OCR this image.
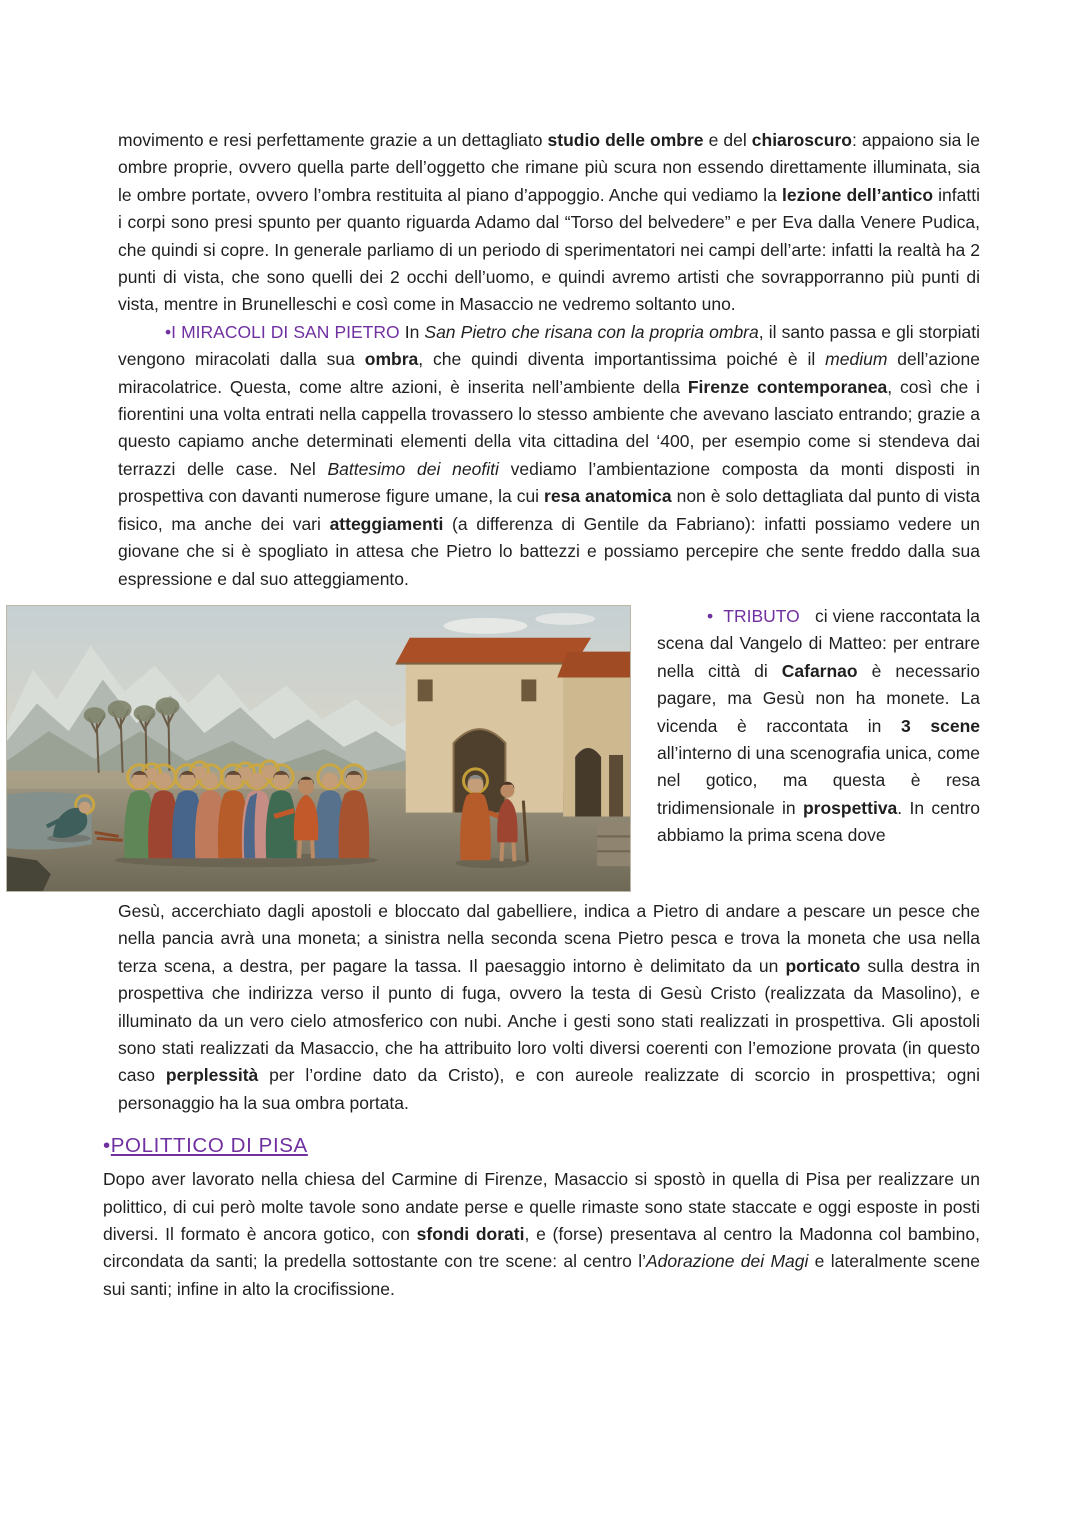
movimento e resi perfettamente grazie a un dettagliato studio delle ombre e del chiaroscuro: appaiono sia le ombre proprie, ovvero quella parte dell’oggetto che rimane più scura non essendo direttamente illuminata, sia le ombre portate, ovvero l’ombra restituita al piano d’appoggio. Anche qui vediamo la lezione dell’antico infatti i corpi sono presi spunto per quanto riguarda Adamo dal “Torso del belvedere” e per Eva dalla Venere Pudica, che quindi si copre. In generale parliamo di un periodo di sperimentatori nei campi dell’arte: infatti la realtà ha 2 punti di vista, che sono quelli dei 2 occhi dell’uomo, e quindi avremo artisti che sovrapporranno più punti di vista, mentre in Brunelleschi e così come in Masaccio ne vedremo soltanto uno.

•I MIRACOLI DI SAN PIETRO In San Pietro che risana con la propria ombra, il santo passa e gli storpiati vengono miracolati dalla sua ombra, che quindi diventa importantissima poiché è il medium dell’azione miracolatrice. Questa, come altre azioni, è inserita nell’ambiente della Firenze contemporanea, così che i fiorentini una volta entrati nella cappella trovassero lo stesso ambiente che avevano lasciato entrando; grazie a questo capiamo anche determinati elementi della vita cittadina del ‘400, per esempio come si stendeva dai terrazzi delle case. Nel Battesimo dei neofiti vediamo l’ambientazione composta da monti disposti in prospettiva con davanti numerose figure umane, la cui resa anatomica non è solo dettagliata dal punto di vista fisico, ma anche dei vari atteggiamenti (a differenza di Gentile da Fabriano): infatti possiamo vedere un giovane che si è spogliato in attesa che Pietro lo battezzi e possiamo percepire che sente freddo dalla sua espressione e dal suo atteggiamento.

•  TRIBUTO   ci viene raccontata la scena dal Vangelo di Matteo: per entrare nella città di Cafarnao è necessario pagare, ma Gesù non ha monete. La vicenda è raccontata in 3 scene all’interno di una scenografia unica, come nel gotico, ma questa è resa tridimensionale in prospettiva. In centro abbiamo la prima scena dove

Gesù, accerchiato dagli apostoli e bloccato dal gabelliere, indica a Pietro di andare a pescare un pesce che nella pancia avrà una moneta; a sinistra nella seconda scena Pietro pesca e trova la moneta che usa nella terza scena, a destra, per pagare la tassa. Il paesaggio intorno è delimitato da un porticato sulla destra in prospettiva che indirizza verso il punto di fuga, ovvero la testa di Gesù Cristo (realizzata da Masolino), e illuminato da un vero cielo atmosferico con nubi. Anche i gesti sono stati realizzati in prospettiva. Gli apostoli sono stati realizzati da Masaccio, che ha attribuito loro volti diversi coerenti con l’emozione provata (in questo caso perplessità per l’ordine dato da Cristo), e con aureole realizzate di scorcio in prospettiva; ogni personaggio ha la sua ombra portata.

•POLITTICO DI PISA

Dopo aver lavorato nella chiesa del Carmine di Firenze, Masaccio si spostò in quella di Pisa per realizzare un polittico, di cui però molte tavole sono andate perse e quelle rimaste sono state staccate e oggi esposte in posti diversi. Il formato è ancora gotico, con sfondi dorati, e (forse) presentava al centro la Madonna col bambino, circondata da santi; la predella sottostante con tre scene: al centro l’Adorazione dei Magi e lateralmente scene sui santi; infine in alto la crocifissione.
